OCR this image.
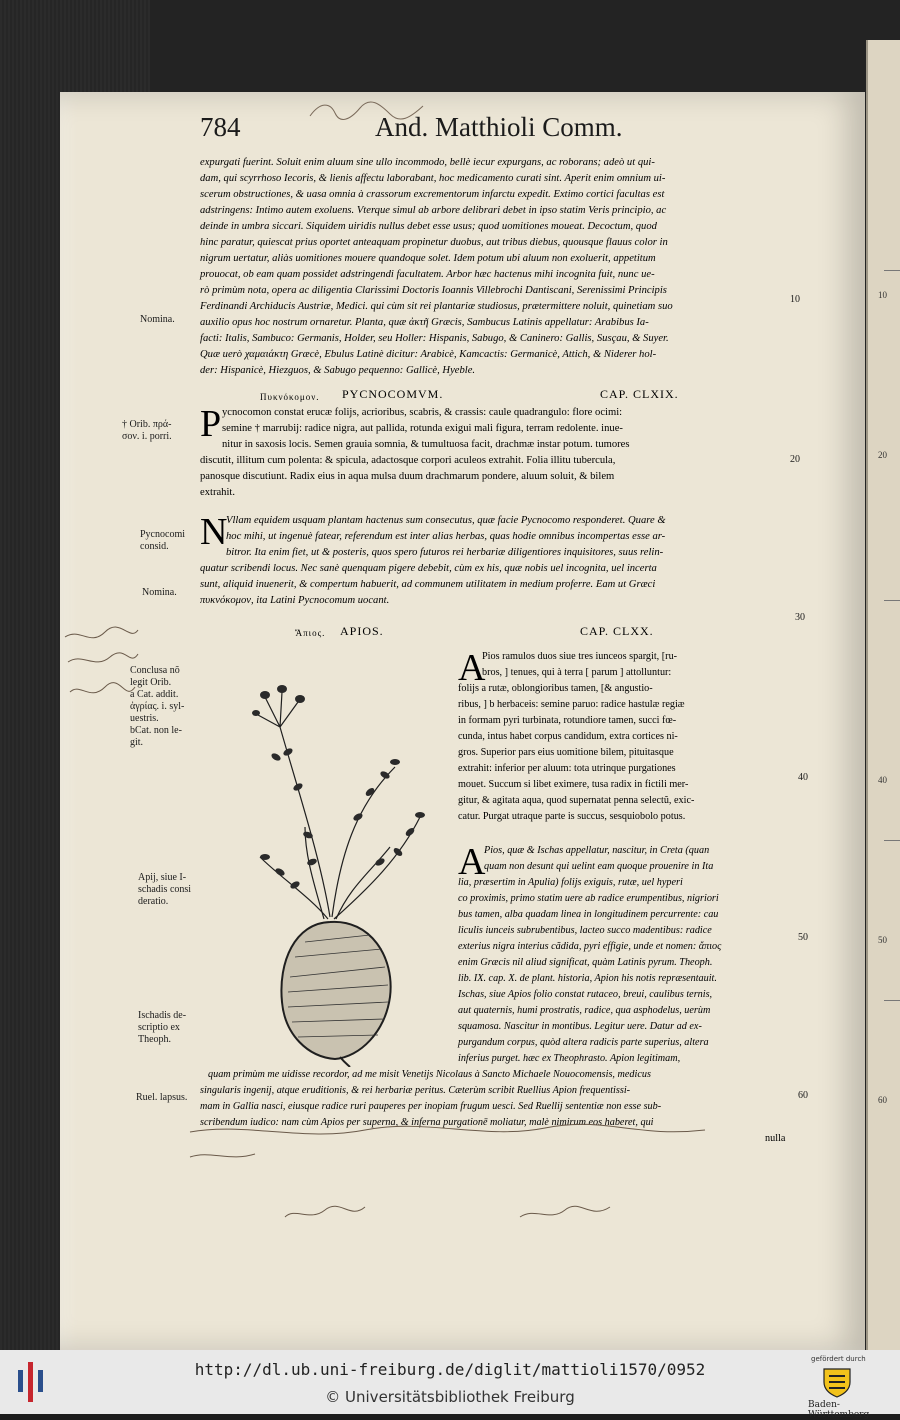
10
20
40
50
60
784	And. Matthioli Comm.
expurgati fuerint. Soluit enim aluum sine ullo incommodo, bellè iecur expurgans, ac roborans; adeò ut qui-
dam, qui scyrrhoso Iecoris, & lienis affectu laborabant, hoc medicamento curati sint. Aperit enim omnium ui-
scerum obstructiones, & uasa omnia à crassorum excrementorum infarctu expedit. Extimo cortici facultas est
adstringens: Intimo autem exoluens. Vterque simul ab arbore delibrari debet in ipso statim Veris principio, ac
deinde in umbra siccari. Siquidem uiridis nullus debet esse usus; quod uomitiones moueat. Decoctum, quod
hinc paratur, quiescat prius oportet anteaquam propinetur duobus, aut tribus diebus, quousque flauus color in
nigrum uertatur, aliàs uomitiones mouere quandoque solet. Idem potum ubi aluum non exoluerit, appetitum
prouocat, ob eam quam possidet adstringendi facultatem. Arbor hæc hactenus mihi incognita fuit, nunc ue-
rò primùm nota, opera ac diligentia Clarissimi Doctoris Ioannis Villebrochi Dantiscani, Serenissimi Principis
Ferdinandi Archiducis Austriæ, Medici. qui cùm sit rei plantariæ studiosus, prætermittere noluit, quinetiam suo
auxilio opus hoc nostrum ornaretur. Planta, quæ ἀκτῆ Græcis, Sambucus Latinis appellatur: Arabibus Ia-
facti: Italis, Sambuco: Germanis, Holder, seu Holler: Hispanis, Sabugo, & Caninero: Gallis, Susçau, & Suyer.
Quæ uerò χαμαιάκτη Græcè, Ebulus Latinè dicitur: Arabicè, Kamcactis: Germanicè, Attich, & Niderer hol-
der: Hispanicè, Hiezguos, & Sabugo pequenno: Gallicè, Hyeble.
Πυκνόκομον. PYCNOCOMVM.	CAP. CLXIX.
P ycnocomon constat erucæ folijs, acrioribus, scabris, & crassis: caule quadrangulo: flore ocimi:
semine † marrubij: radice nigra, aut pallida, rotunda exigui mali figura, terram redolente. inue-
nitur in saxosis locis. Semen grauia somnia, & tumultuosa facit, drachmæ instar potum. tumores
discutit, illitum cum polenta: & spicula, adactosque corpori aculeos extrahit. Folia illitu tubercula,
panosque discutiunt. Radix eius in aqua mulsa duum drachmarum pondere, aluum soluit, & bilem
extrahit.
N
Vllam equidem usquam plantam hactenus sum consecutus, quæ facie Pycnocomo responderet. Quare &
hoc mihi, ut ingenuè fatear, referendum est inter alias herbas, quas hodie omnibus incompertas esse ar-
bitror. Ita enim fiet, ut & posteris, quos spero futuros rei herbariæ diligentiores inquisitores, suus relin-
quatur scribendi locus. Nec sanè quenquam pigere debebit, cùm ex his, quæ nobis uel incognita, uel incerta
sunt, aliquid inuenerit, & compertum habuerit, ad communem utilitatem in medium proferre. Eam ut Græci
πυκνόκομον, ita Latini Pycnocomum uocant.
Ἄπιος. APIOS.	CAP. CLXX.
A
Pios ramulos duos siue tres iunceos spargit, [ru-
bros, ] tenues, qui à terra [ parum ] attolluntur:
folijs a rutæ, oblongioribus tamen, [& angustio-
ribus, ] b herbaceis: semine paruo: radice hastulæ regiæ
in formam pyri turbinata, rotundiore tamen, succi fœ-
cunda, intus habet corpus candidum, extra cortices ni-
gros. Superior pars eius uomitione bilem, pituitasque
extrahit: inferior per aluum: tota utrinque purgationes
mouet. Succum si libet eximere, tusa radix in fictili mer-
gitur, & agitata aqua, quod supernatat penna selectũ, exic-
catur. Purgat utraque parte is succus, sesquiobolo potus.
A
Pios, quæ & Ischas appellatur, nascitur, in Creta (quan
quam non desunt qui uelint eam quoque prouenire in Ita
lia, præsertim in Apulia) folijs exiguis, rutæ, uel hyperi
co proximis, primo statim uere ab radice erumpentibus, nigriori
bus tamen, alba quadam linea in longitudinem percurrente: cau
liculis iunceis subrubentibus, lacteo succo madentibus: radice
exterius nigra interius cãdida, pyri effigie, unde et nomen: ἄπιος
enim Græcis nil aliud significat, quàm Latinis pyrum. Theoph.
lib. IX. cap. X. de plant. historia, Apion his notis repræsentauit.
Ischas, siue Apios folio constat rutaceo, breui, caulibus ternis,
aut quaternis, humi prostratis, radice, qua asphodelus, uerùm
squamosa. Nascitur in montibus. Legitur uere. Datur ad ex-
purgandum corpus, quòd altera radicis parte superius, altera
inferius purget. hæc ex Theophrasto. Apion legitimam,
quam primùm me uidisse recordor, ad me misit Venetijs Nicolaus à Sancto Michaele Nouocomensis, medicus
singularis ingenij, atque eruditionis, & rei herbariæ peritus. Cæterùm scribit Ruellius Apion frequentissi-
mam in Gallia nasci, eiusque radice ruri pauperes per inopiam frugum uesci. Sed Ruellij sententiæ non esse sub-
scribendum iudico: nam cùm Apios per superna, & inferna purgationē moliatur, malè nimirum eos haberet, qui
nulla
Nomina.
† Orib. πρά-
σον. i. porri.
Pycnocomi
consid.
Nomina.
Conclusa nõ
legit Orib.
a Cat. addit.
ἀγρίας. i. syl-
uestris.
bCat. non le-
git.
Apij, siue I-
schadis consi
deratio.
Ischadis de-
scriptio ex
Theoph.
Ruel. lapsus.
10
20
30
40
50
60
http://dl.ub.uni-freiburg.de/diglit/mattioli1570/0952
© Universitätsbibliothek Freiburg
gefördert durch
Baden-Württemberg
